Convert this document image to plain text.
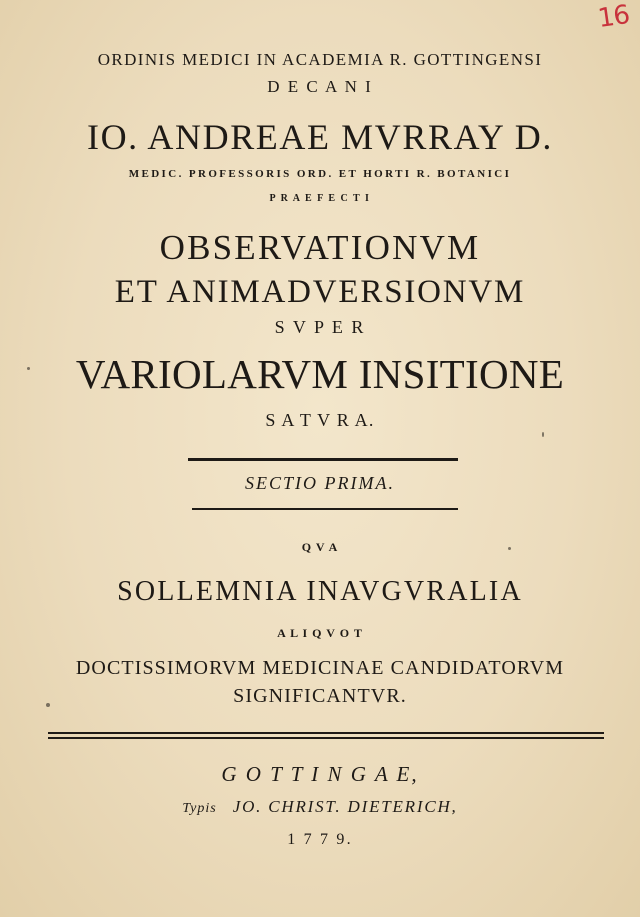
16
ORDINIS MEDICI IN ACADEMIA R. GOTTINGENSI
D E C A N I
IO. ANDREAE MVRRAY D.
MEDIC. PROFESSORIS ORD. ET HORTI R. BOTANICI
P R A E F E C T I
OBSERVATIONVM
ET ANIMADVERSIONVM
S V P E R
VARIOLARVM INSITIONE
S A T V R A.
SECTIO PRIMA.
Q V A
SOLLEMNIA INAVGVRALIA
A L I Q V O T
DOCTISSIMORVM MEDICINAE CANDIDATORVM
SIGNIFICANTVR.
G O T T I N G A E,
Typis JO. CHRIST. DIETERICH,
1 7 7 9.
